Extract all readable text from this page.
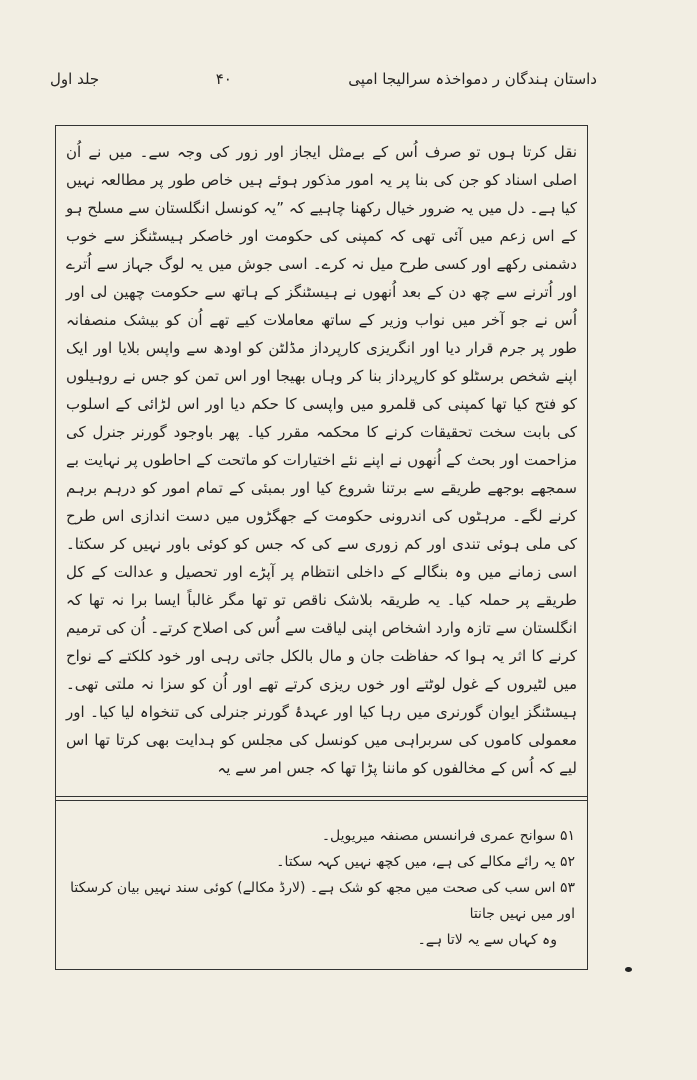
جلد اول	۴۰	داستان ہندگان ر دمواخذہ سرالیجا امپی
نقل کرتا ہوں تو صرف اُس کے بےمثل ایجاز اور زور کی وجہ سے۔ میں نے اُن اصلی اسناد کو جن کی بنا پر یہ امور مذکور ہوئے ہیں خاص طور پر مطالعہ نہیں کیا ہے۔ دل میں یہ ضرور خیال رکھنا چاہیے کہ ”یہ کونسل انگلستان سے مسلح ہو کے اس زعم میں آئی تھی کہ کمپنی کی حکومت اور خاصکر ہیسٹنگز سے خوب دشمنی رکھے اور کسی طرح میل نہ کرے۔ اسی جوش میں یہ لوگ جہاز سے اُترے اور اُترنے سے چھ دن کے بعد اُنھوں نے ہیسٹنگز کے ہاتھ سے حکومت چھین لی اور اُس نے جو آخر میں نواب وزیر کے ساتھ معاملات کیے تھے اُن کو بیشک منصفانہ طور پر جرم قرار دیا اور انگریزی کارپرداز مڈلٹن کو اودھ سے واپس بلایا اور ایک اپنے شخص برسٹلو کو کارپرداز بنا کر وہاں بھیجا اور اس تمن کو جس نے روہیلوں کو فتح کیا تھا کمپنی کی قلمرو میں واپسی کا حکم دیا اور اس لڑائی کے اسلوب کی بابت سخت تحقیقات کرنے کا محکمہ مقرر کیا۔ پھر باوجود گورنر جنرل کی مزاحمت اور بحث کے اُنھوں نے اپنے نئے اختیارات کو ماتحت کے احاطوں پر نہایت بے سمجھے بوجھے طریقے سے برتنا شروع کیا اور بمبئی کے تمام امور کو درہم برہم کرنے لگے۔ مرہٹوں کی اندرونی حکومت کے جھگڑوں میں دست اندازی اس طرح کی ملی ہوئی تندی اور کم زوری سے کی کہ جس کو کوئی باور نہیں کر سکتا۔ اسی زمانے میں وہ بنگالے کے داخلی انتظام پر آپڑے اور تحصیل و عدالت کے کل طریقے پر حملہ کیا۔ یہ طریقہ بلاشک ناقص تو تھا مگر غالباً ایسا برا نہ تھا کہ انگلستان سے تازہ وارد اشخاص اپنی لیاقت سے اُس کی اصلاح کرتے۔ اُن کی ترمیم کرنے کا اثر یہ ہوا کہ حفاظت جان و مال بالکل جاتی رہی اور خود کلکتے کے نواح میں لٹیروں کے غول لوٹتے اور خوں ریزی کرتے تھے اور اُن کو سزا نہ ملتی تھی۔ ہیسٹنگز ایوان گورنری میں رہا کیا اور عہدۂ گورنر جنرلی کی تنخواہ لیا کیا۔ اور معمولی کاموں کی سربراہی میں کونسل کی مجلس کو ہدایت بھی کرتا تھا اس لیے کہ اُس کے مخالفوں کو ماننا پڑا تھا کہ جس امر سے یہ
۵۱ سوانح عمری فرانسس مصنفہ میریویل۔
۵۲ یہ رائے مکالے کی ہے، میں کچھ نہیں کہہ سکتا۔
۵۳ اس سب کی صحت میں مجھ کو شک ہے۔ (لارڈ مکالے) کوئی سند نہیں بیان کرسکتا اور میں نہیں جانتا
وہ کہاں سے یہ لاتا ہے۔
